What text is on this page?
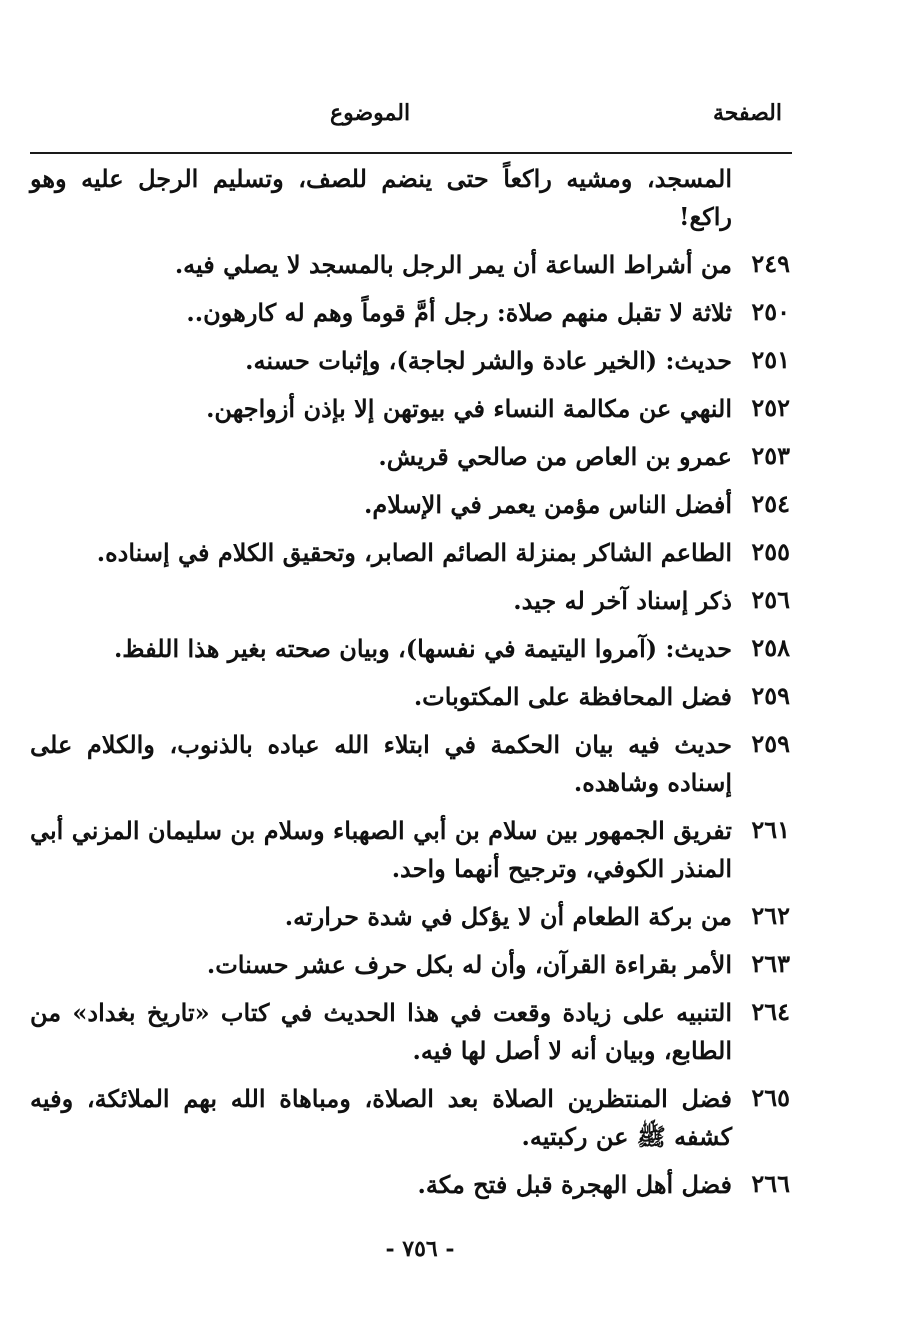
الصفحة
الموضوع
المسجد، ومشيه راكعاً حتى ينضم للصف، وتسليم الرجل عليه وهو راكع!
٢٤٩
من أشراط الساعة أن يمر الرجل بالمسجد لا يصلي فيه.
٢٥٠
ثلاثة لا تقبل منهم صلاة: رجل أمَّ قوماً وهم له كارهون..
٢٥١
حديث: (الخير عادة والشر لجاجة)، وإثبات حسنه.
٢٥٢
النهي عن مكالمة النساء في بيوتهن إلا بإذن أزواجهن.
٢٥٣
عمرو بن العاص من صالحي قريش.
٢٥٤
أفضل الناس مؤمن يعمر في الإسلام.
٢٥٥
الطاعم الشاكر بمنزلة الصائم الصابر، وتحقيق الكلام في إسناده.
٢٥٦
ذكر إسناد آخر له جيد.
٢٥٨
حديث: (آمروا اليتيمة في نفسها)، وبيان صحته بغير هذا اللفظ.
٢٥٩
فضل المحافظة على المكتوبات.
٢٥٩
حديث فيه بيان الحكمة في ابتلاء الله عباده بالذنوب، والكلام على إسناده وشاهده.
٢٦١
تفريق الجمهور بين سلام بن أبي الصهباء وسلام بن سليمان المزني أبي المنذر الكوفي، وترجيح أنهما واحد.
٢٦٢
من بركة الطعام أن لا يؤكل في شدة حرارته.
٢٦٣
الأمر بقراءة القرآن، وأن له بكل حرف عشر حسنات.
٢٦٤
التنبيه على زيادة وقعت في هذا الحديث في كتاب «تاريخ بغداد» من الطابع، وبيان أنه لا أصل لها فيه.
٢٦٥
فضل المنتظرين الصلاة بعد الصلاة، ومباهاة الله بهم الملائكة، وفيه كشفه ﷺ عن ركبتيه.
٢٦٦
فضل أهل الهجرة قبل فتح مكة.
- ٧٥٦ -
